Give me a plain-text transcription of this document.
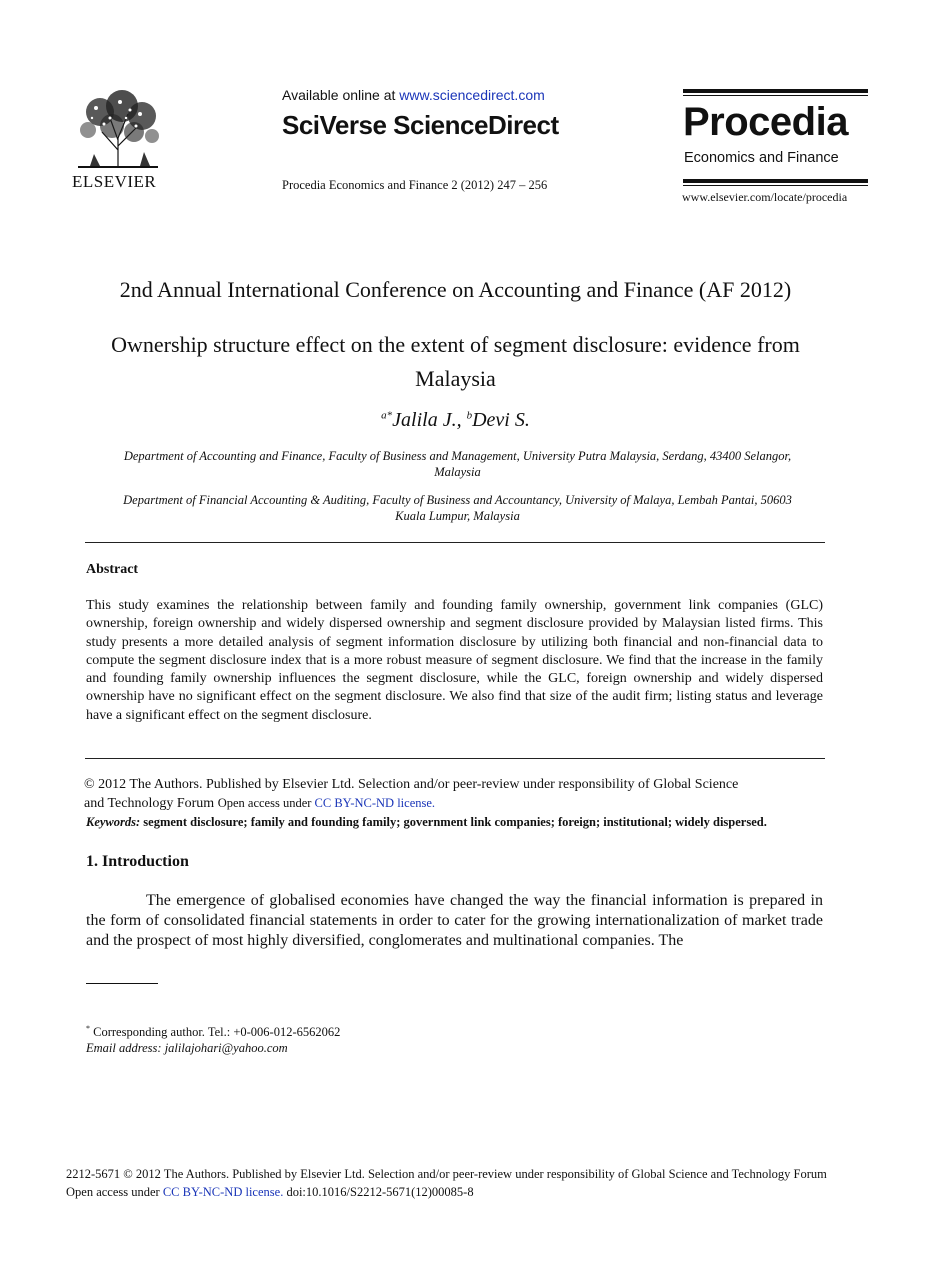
ELSEVIER
Available online at www.sciencedirect.com
SciVerse ScienceDirect
Procedia Economics and Finance 2 (2012) 247 – 256
Procedia
Economics and Finance
www.elsevier.com/locate/procedia
2nd Annual International Conference on Accounting and Finance (AF 2012)
Ownership structure effect on the extent of segment disclosure: evidence from
Malaysia
$^{a*}$Jalila J., $^b$Devi S.
Department of Accounting and Finance, Faculty of Business and Management, University Putra Malaysia, Serdang, 43400 Selangor,
Malaysia
Department of Financial Accounting & Auditing, Faculty of Business and Accountancy, University of Malaya, Lembah Pantai, 50603
Kuala Lumpur, Malaysia
Abstract
This study examines the relationship between family and founding family ownership, government link companies (GLC) ownership, foreign ownership and widely dispersed ownership and segment disclosure provided by Malaysian listed firms. This study presents a more detailed analysis of segment information disclosure by utilizing both financial and non-financial data to compute the segment disclosure index that is a more robust measure of segment disclosure. We find that the increase in the family and founding family ownership influences the segment disclosure, while the GLC, foreign ownership and widely dispersed ownership have no significant effect on the segment disclosure. We also find that size of the audit firm; listing status and leverage have a significant effect on the segment disclosure.
© 2012 The Authors. Published by Elsevier Ltd. Selection and/or peer-review under responsibility of Global Science
and Technology Forum Open access under CC BY-NC-ND license.
Keywords: segment disclosure; family and founding family; government link companies; foreign; institutional; widely dispersed.
1. Introduction
The emergence of globalised economies have changed the way the financial information is prepared in the form of consolidated financial statements in order to cater for the growing internationalization of market trade and the prospect of most highly diversified, conglomerates and multinational companies. The
* Corresponding author. Tel.: +0-006-012-6562062
Email address: jalilajohari@yahoo.com
2212-5671 © 2012 The Authors. Published by Elsevier Ltd. Selection and/or peer-review under responsibility of Global Science and Technology Forum
Open access under CC BY-NC-ND license. doi:10.1016/S2212-5671(12)00085-8
